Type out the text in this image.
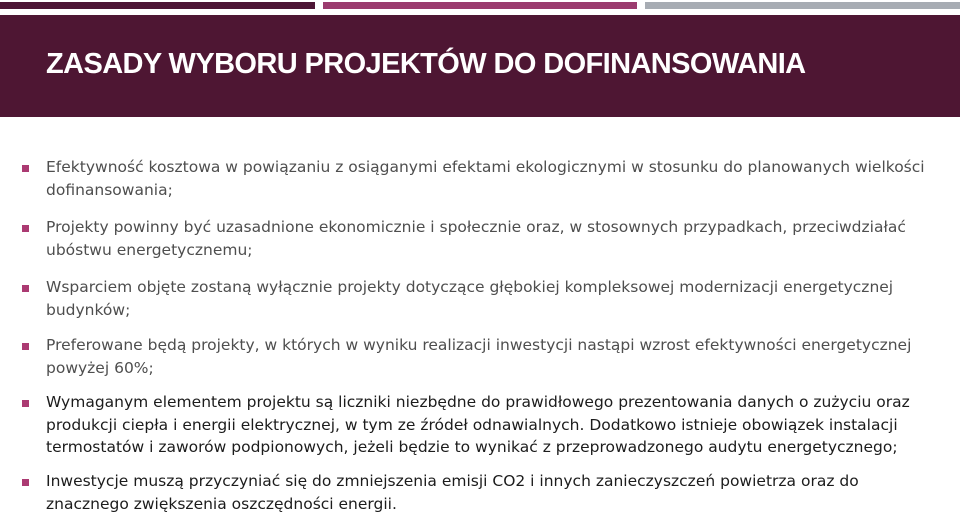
ZASADY WYBORU PROJEKTÓW DO DOFINANSOWANIA

Efektywność kosztowa w powiązaniu z osiąganymi efektami ekologicznymi w stosunku do planowanych wielkości dofinansowania;

Projekty powinny być uzasadnione ekonomicznie i społecznie oraz, w stosownych przypadkach, przeciwdziałać ubóstwu energetycznemu;

Wsparciem objęte zostaną wyłącznie projekty dotyczące głębokiej kompleksowej modernizacji energetycznej budynków;

Preferowane będą projekty, w których w wyniku realizacji inwestycji nastąpi wzrost efektywności energetycznej powyżej 60%;

Wymaganym elementem projektu są liczniki niezbędne do prawidłowego prezentowania danych o zużyciu oraz produkcji ciepła i energii elektrycznej, w tym ze źródeł odnawialnych. Dodatkowo istnieje obowiązek instalacji termostatów i zaworów podpionowych, jeżeli będzie to wynikać z przeprowadzonego audytu energetycznego;

Inwestycje muszą przyczyniać się do zmniejszenia emisji CO2 i innych zanieczyszczeń powietrza oraz do znacznego zwiększenia oszczędności energii.
